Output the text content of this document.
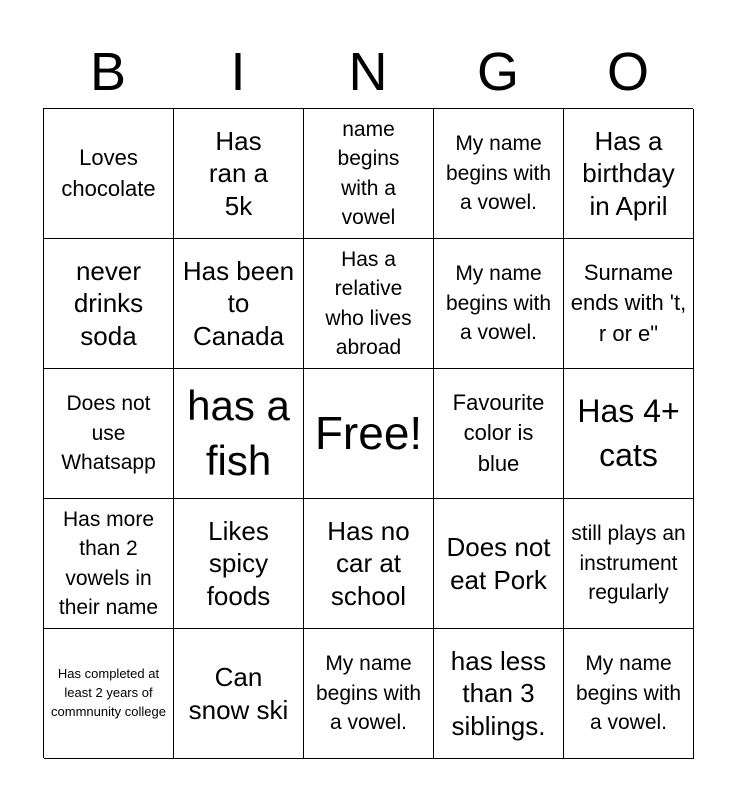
B	I	N	G	O
Loves chocolate
Has ran a 5k
name begins with a vowel
My name begins with a vowel.
Has a birthday in April
never drinks soda
Has been to Canada
Has a relative who lives abroad
My name begins with a vowel.
Surname ends with 't, r or e"
Does not use Whatsapp
has a fish
Free!
Favourite color is blue
Has 4+ cats
Has more than 2 vowels in their name
Likes spicy foods
Has no car at school
Does not eat Pork
still plays an instrument regularly
Has completed at least 2 years of commnunity college
Can snow ski
My name begins with a vowel.
has less than 3 siblings.
My name begins with a vowel.
